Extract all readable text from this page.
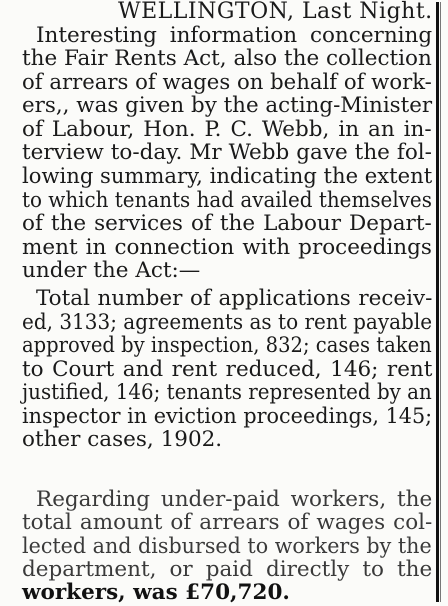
WELLINGTON, Last Night.
Interesting information concerning
the Fair Rents Act, also the collection
of arrears of wages on behalf of work-
ers,, was given by the acting-Minister
of Labour, Hon. P. C. Webb, in an in-
terview to-day. Mr Webb gave the fol-
lowing summary, indicating the extent
to which tenants had availed themselves
of the services of the Labour Depart-
ment in connection with proceedings
under the Act:—
Total number of applications receiv-
ed, 3133; agreements as to rent payable
approved by inspection, 832; cases taken
to Court and rent reduced, 146; rent
justified, 146; tenants represented by an
inspector in eviction proceedings, 145;
other cases, 1902.
Regarding under-paid workers, the
total amount of arrears of wages col-
lected and disbursed to workers by the
department, or paid directly to the
workers, was £70,720.
